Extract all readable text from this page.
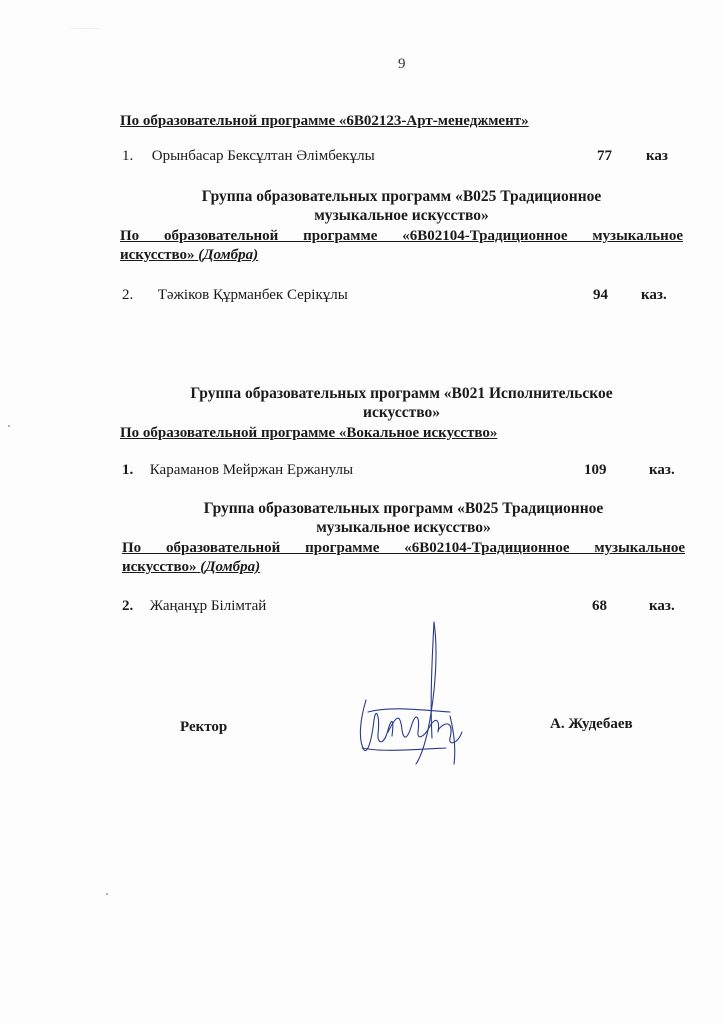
9
По образовательной программе «6В02123-Арт-менеджмент»
1. Орынбасар Бексұлтан Әлімбекұлы	77 каз
Группа образовательных программ «В025 Традиционное
музыкальное искусство»
По образовательной программе «6В02104-Традиционное музыкальное
искусство» (Домбра)
2. Тәжіков Құрманбек Серікұлы	94 каз.
Группа образовательных программ «В021 Исполнительское
искусство»
По образовательной программе «Вокальное искусство»
1. Караманов Мейржан Ержанулы	109	каз.
Группа образовательных программ «В025 Традиционное
музыкальное искусство»
По образовательной программе «6В02104-Традиционное музыкальное
искусство» (Домбра)
2. Жаңанұр Білімтай	68	каз.
Ректор	А. Жудебаев
